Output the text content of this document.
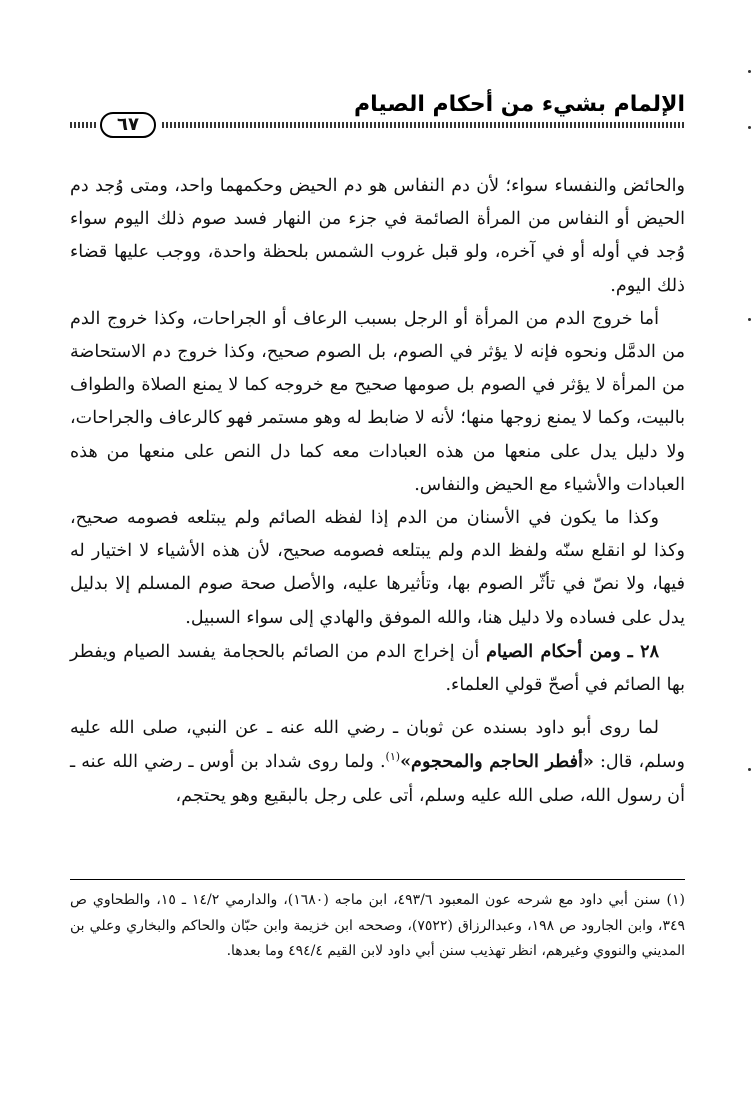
الإلمام بشيء من أحكام الصيام
٦٧

والحائض والنفساء سواء؛ لأن دم النفاس هو دم الحيض وحكمهما واحد، ومتى وُجد دم الحيض أو النفاس من المرأة الصائمة في جزء من النهار فسد صوم ذلك اليوم سواء وُجد في أوله أو في آخره، ولو قبل غروب الشمس بلحظة واحدة، ووجب عليها قضاء ذلك اليوم.

أما خروج الدم من المرأة أو الرجل بسبب الرعاف أو الجراحات، وكذا خروج الدم من الدمَّل ونحوه فإنه لا يؤثر في الصوم، بل الصوم صحيح، وكذا خروج دم الاستحاضة من المرأة لا يؤثر في الصوم بل صومها صحيح مع خروجه كما لا يمنع الصلاة والطواف بالبيت، وكما لا يمنع زوجها منها؛ لأنه لا ضابط له وهو مستمر فهو كالرعاف والجراحات، ولا دليل يدل على منعها من هذه العبادات معه كما دل النص على منعها من هذه العبادات والأشياء مع الحيض والنفاس.

وكذا ما يكون في الأسنان من الدم إذا لفظه الصائم ولم يبتلعه فصومه صحيح، وكذا لو انقلع سنّه ولفظ الدم ولم يبتلعه فصومه صحيح، لأن هذه الأشياء لا اختيار له فيها، ولا نصّ في تأثّر الصوم بها، وتأثيرها عليه، والأصل صحة صوم المسلم إلا بدليل يدل على فساده ولا دليل هنا، والله الموفق والهادي إلى سواء السبيل.

٢٨ ـ ومن أحكام الصيام أن إخراج الدم من الصائم بالحجامة يفسد الصيام ويفطر بها الصائم في أصحّ قولي العلماء.

لما روى أبو داود بسنده عن ثوبان ـ رضي الله عنه ـ عن النبي، صلى الله عليه وسلم، قال: «أفطر الحاجم والمحجوم»$^{(١)}$. ولما روى شداد بن أوس ـ رضي الله عنه ـ أن رسول الله، صلى الله عليه وسلم، أتى على رجل بالبقيع وهو يحتجم،

(١) سنن أبي داود مع شرحه عون المعبود ٤٩٣/٦، ابن ماجه (١٦٨٠)، والدارمي ١٤/٢ ـ ١٥، والطحاوي ص ٣٤٩، وابن الجارود ص ١٩٨، وعبدالرزاق (٧٥٢٢)، وصححه ابن خزيمة وابن حبّان والحاكم والبخاري وعلي بن المديني والنووي وغيرهم، انظر تهذيب سنن أبي داود لابن القيم ٤٩٤/٤ وما بعدها.
